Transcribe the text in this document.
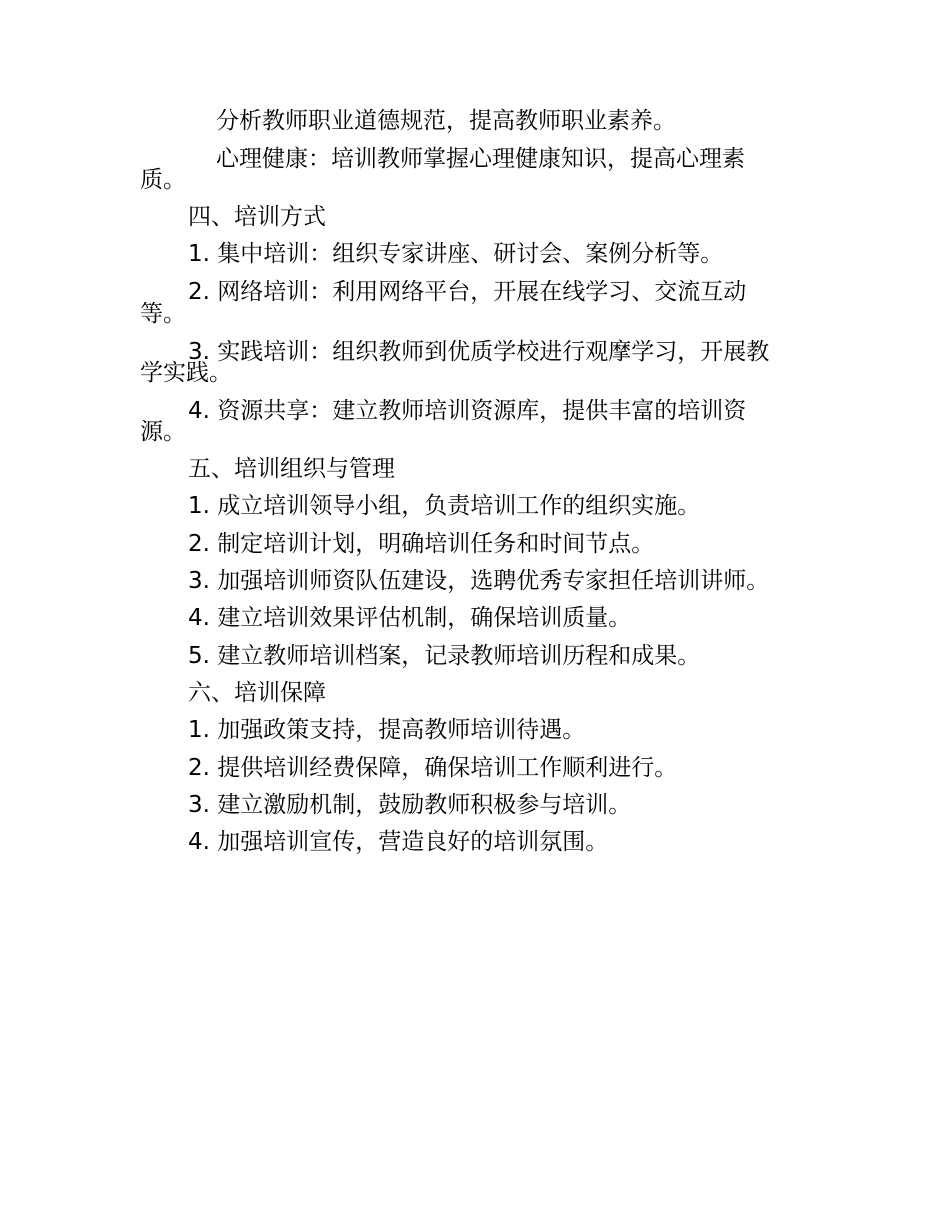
分析教师职业道德规范，提高教师职业素养。
心理健康：培训教师掌握心理健康知识，提高心理素
质。
四、培训方式
1. 集中培训：组织专家讲座、研讨会、案例分析等。
2. 网络培训：利用网络平台，开展在线学习、交流互动
等。
3. 实践培训：组织教师到优质学校进行观摩学习，开展教
学实践。
4. 资源共享：建立教师培训资源库，提供丰富的培训资
源。
五、培训组织与管理
1. 成立培训领导小组，负责培训工作的组织实施。
2. 制定培训计划，明确培训任务和时间节点。
3. 加强培训师资队伍建设，选聘优秀专家担任培训讲师。
4. 建立培训效果评估机制，确保培训质量。
5. 建立教师培训档案，记录教师培训历程和成果。
六、培训保障
1. 加强政策支持，提高教师培训待遇。
2. 提供培训经费保障，确保培训工作顺利进行。
3. 建立激励机制，鼓励教师积极参与培训。
4. 加强培训宣传，营造良好的培训氛围。
